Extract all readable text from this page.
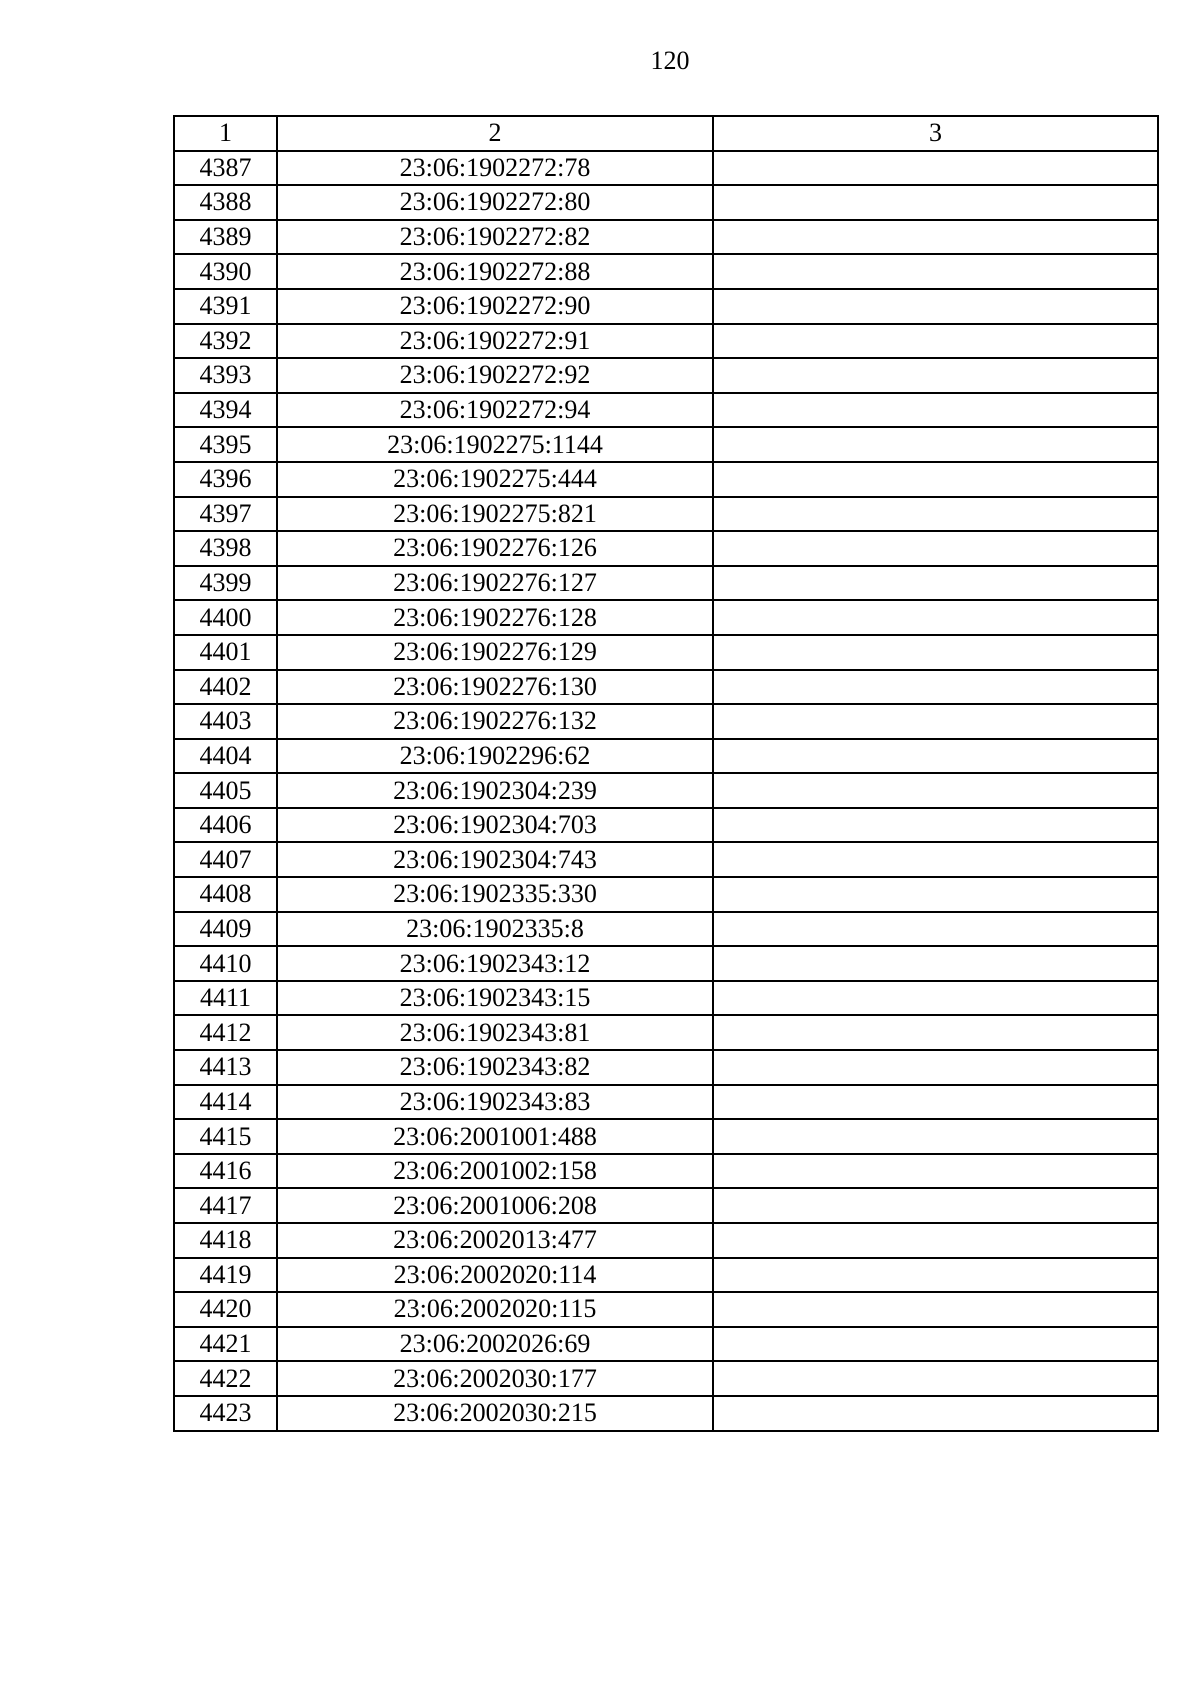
120
1	2	3
4387	23:06:1902272:78	
4388	23:06:1902272:80	
4389	23:06:1902272:82	
4390	23:06:1902272:88	
4391	23:06:1902272:90	
4392	23:06:1902272:91	
4393	23:06:1902272:92	
4394	23:06:1902272:94	
4395	23:06:1902275:1144	
4396	23:06:1902275:444	
4397	23:06:1902275:821	
4398	23:06:1902276:126	
4399	23:06:1902276:127	
4400	23:06:1902276:128	
4401	23:06:1902276:129	
4402	23:06:1902276:130	
4403	23:06:1902276:132	
4404	23:06:1902296:62	
4405	23:06:1902304:239	
4406	23:06:1902304:703	
4407	23:06:1902304:743	
4408	23:06:1902335:330	
4409	23:06:1902335:8	
4410	23:06:1902343:12	
4411	23:06:1902343:15	
4412	23:06:1902343:81	
4413	23:06:1902343:82	
4414	23:06:1902343:83	
4415	23:06:2001001:488	
4416	23:06:2001002:158	
4417	23:06:2001006:208	
4418	23:06:2002013:477	
4419	23:06:2002020:114	
4420	23:06:2002020:115	
4421	23:06:2002026:69	
4422	23:06:2002030:177	
4423	23:06:2002030:215	
